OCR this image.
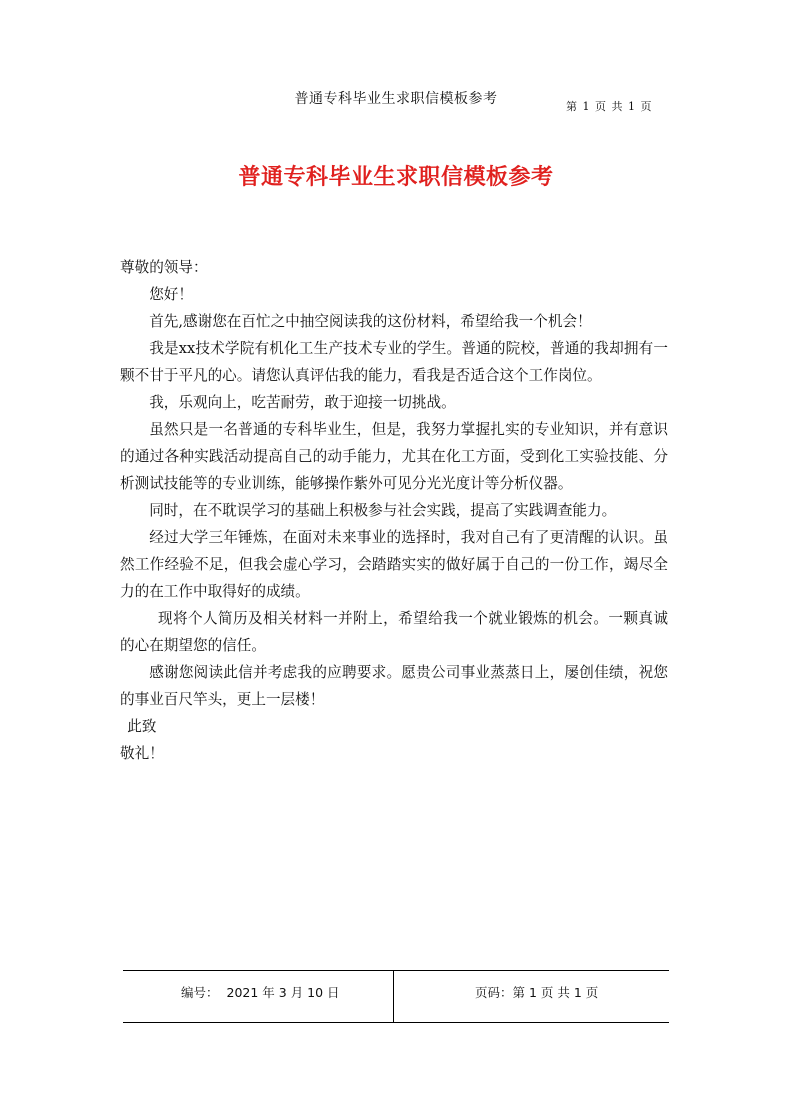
普通专科毕业生求职信模板参考	第 1 页 共 1 页
普通专科毕业生求职信模板参考

尊敬的领导：

您好！

首先,感谢您在百忙之中抽空阅读我的这份材料，希望给我一个机会！

我是xx技术学院有机化工生产技术专业的学生。普通的院校，普通的我却拥有一颗不甘于平凡的心。请您认真评估我的能力，看我是否适合这个工作岗位。

我，乐观向上，吃苦耐劳，敢于迎接一切挑战。

虽然只是一名普通的专科毕业生，但是，我努力掌握扎实的专业知识，并有意识的通过各种实践活动提高自己的动手能力，尤其在化工方面，受到化工实验技能、分析测试技能等的专业训练，能够操作紫外可见分光光度计等分析仪器。

同时，在不耽误学习的基础上积极参与社会实践，提高了实践调查能力。

经过大学三年锤炼，在面对未来事业的选择时，我对自己有了更清醒的认识。虽然工作经验不足，但我会虚心学习，会踏踏实实的做好属于自己的一份工作，竭尽全力的在工作中取得好的成绩。

现将个人简历及相关材料一并附上，希望给我一个就业锻炼的机会。一颗真诚的心在期望您的信任。

感谢您阅读此信并考虑我的应聘要求。愿贵公司事业蒸蒸日上，屡创佳绩，祝您的事业百尺竿头，更上一层楼！

此致

敬礼！

编号： 2021 年 3 月 10 日	页码：第 1 页 共 1 页
